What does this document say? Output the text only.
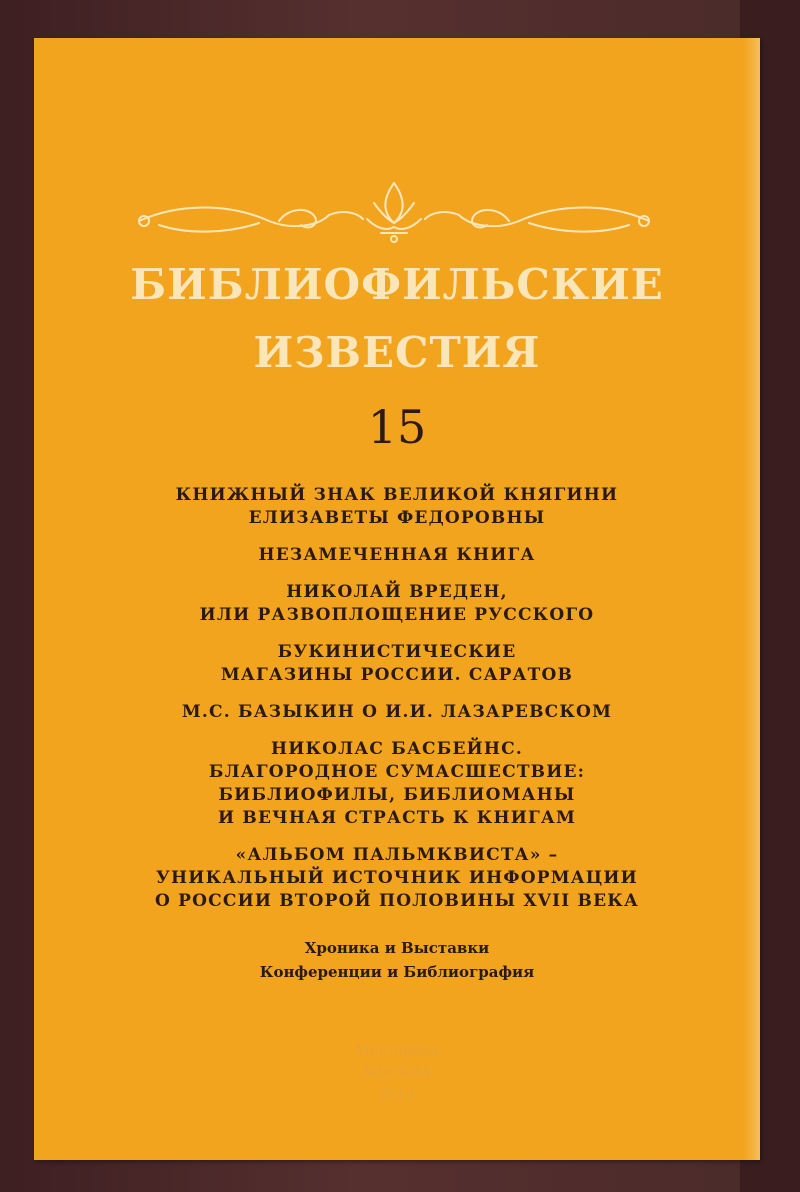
БИБЛИОФИЛЬСКИЕ
ИЗВЕСТИЯ
15
КНИЖНЫЙ ЗНАК ВЕЛИКОЙ КНЯГИНИ
ЕЛИЗАВЕТЫ ФЕДОРОВНЫ
НЕЗАМЕЧЕННАЯ КНИГА
НИКОЛАЙ ВРЕДЕН,
ИЛИ РАЗВОПЛОЩЕНИЕ РУССКОГО
БУКИНИСТИЧЕСКИЕ
МАГАЗИНЫ РОССИИ. САРАТОВ
М.С. БАЗЫКИН О И.И. ЛАЗАРЕВСКОМ
НИКОЛАС БАСБЕЙНС.
БЛАГОРОДНОЕ СУМАСШЕСТВИЕ:
БИБЛИОФИЛЫ, БИБЛИОМАНЫ
И ВЕЧНАЯ СТРАСТЬ К КНИГАМ
«АЛЬБОМ ПАЛЬМКВИСТА» –
УНИКАЛЬНЫЙ ИСТОЧНИК ИНФОРМАЦИИ
О РОССИИ ВТОРОЙ ПОЛОВИНЫ XVII ВЕКА
Хроника и Выставки
Конференции и Библиография
Мистерион
МОСКВА
2012
